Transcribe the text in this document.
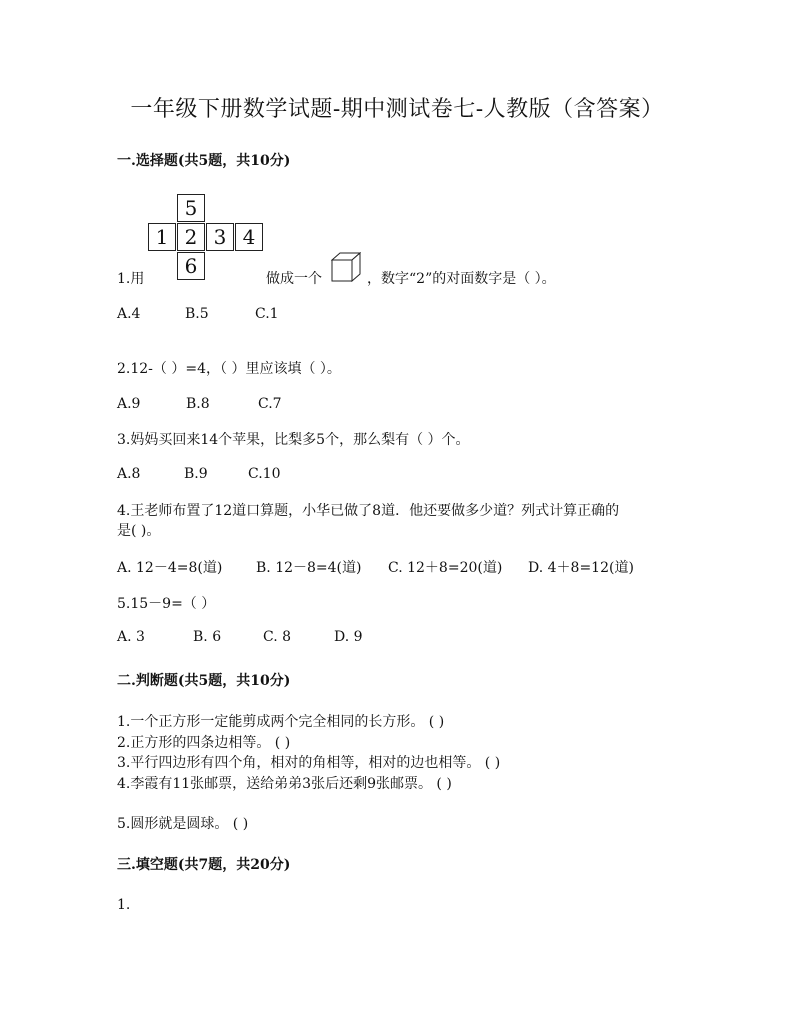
一年级下册数学试题-期中测试卷七-人教版（含答案）
一.选择题(共5题，共10分)
5
1 2 3 4
6
1.用	做成一个	，数字“2”的对面数字是（ ）。
A.4	B.5	C.1
2.12-（ ）=4，（ ）里应该填（ ）。
A.9	B.8	C.7
3.妈妈买回来14个苹果，比梨多5个，那么梨有（ ）个。
A.8	B.9	C.10
4.王老师布置了12道口算题，小华已做了8道．他还要做多少道？列式计算正确的
是( )。
A. 12－4=8(道) B. 12－8=4(道) C. 12＋8=20(道) D. 4＋8=12(道)
5.15－9=（ ）
A. 3	B. 6	C. 8	D. 9
二.判断题(共5题，共10分)
1.一个正方形一定能剪成两个完全相同的长方形。 ( )
2.正方形的四条边相等。 ( )
3.平行四边形有四个角，相对的角相等，相对的边也相等。 ( )
4.李霞有11张邮票，送给弟弟3张后还剩9张邮票。 ( )
5.圆形就是圆球。 ( )
三.填空题(共7题，共20分)
1.
